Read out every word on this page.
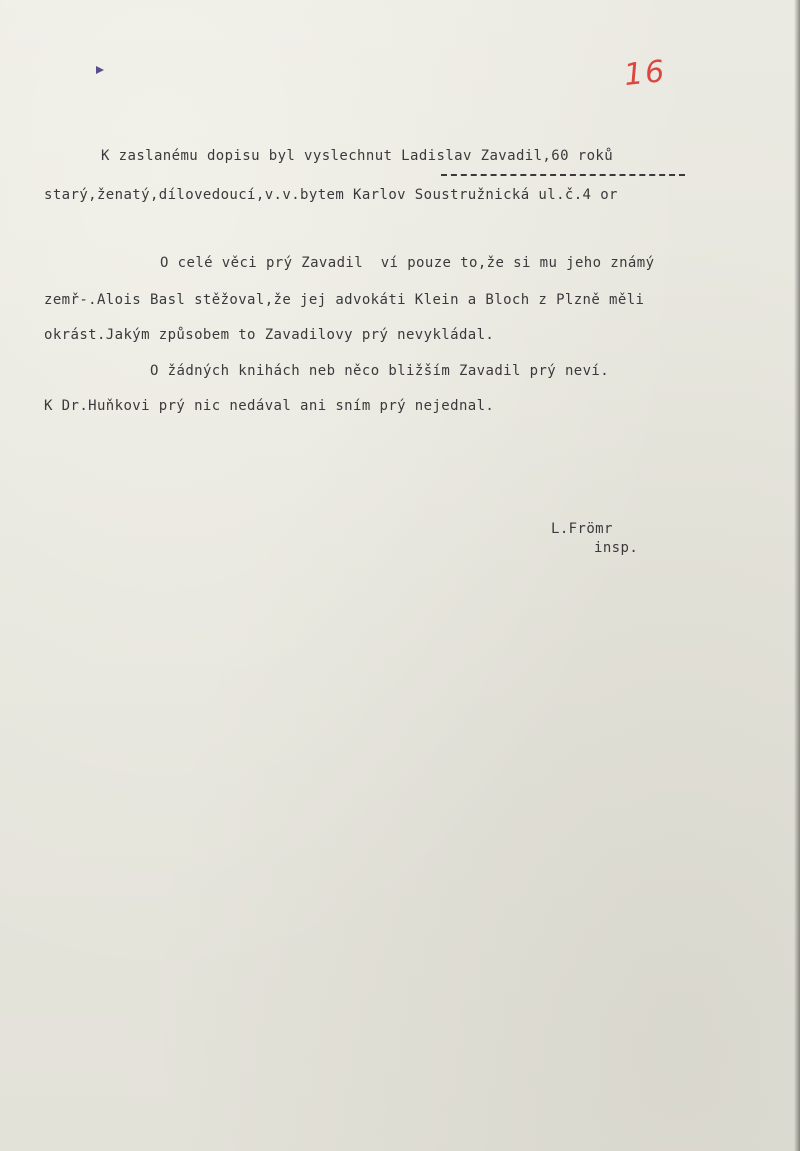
16
K zaslanému dopisu byl vyslechnut Ladislav Zavadil,60 roků
starý,ženatý,dílovedoucí,v.v.bytem Karlov Soustružnická ul.č.4 or
O celé věci prý Zavadil  ví pouze to,že si mu jeho známý
zemř-.Alois Basl stěžoval,že jej advokáti Klein a Bloch z Plzně měli
okrást.Jakým způsobem to Zavadilovy prý nevykládal.
O žádných knihách neb něco bližším Zavadil prý neví.
K Dr.Huňkovi prý nic nedával ani sním prý nejednal.
L.Frömr
insp.
